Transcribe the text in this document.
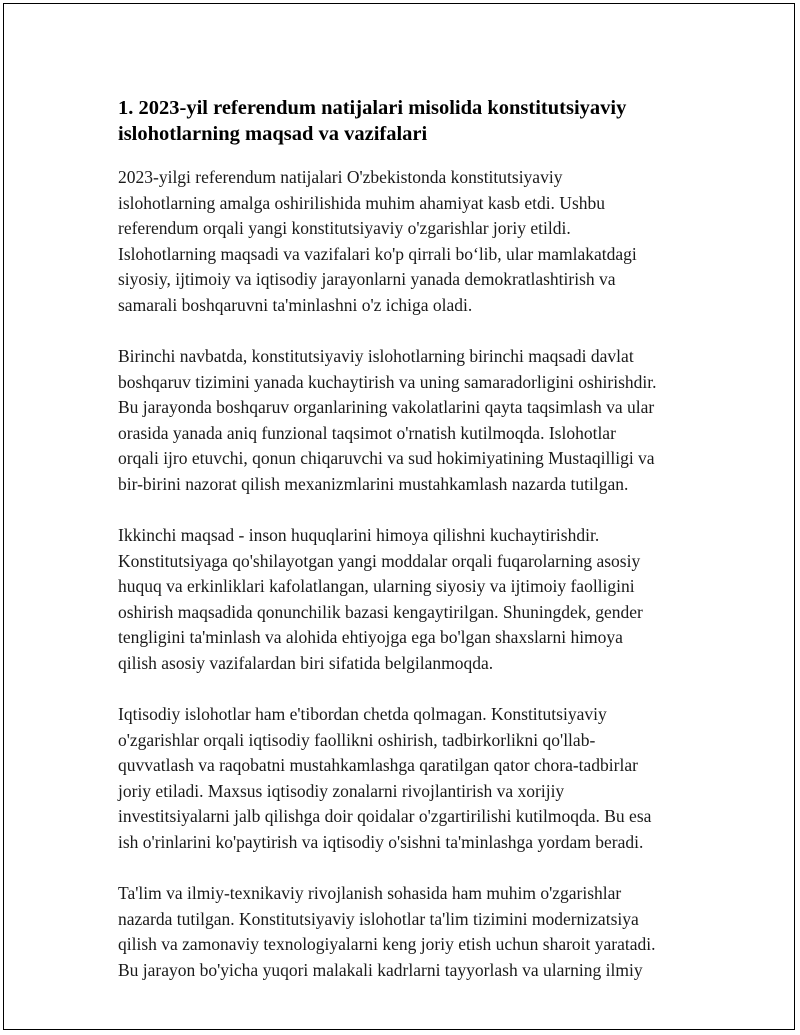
1. 2023-yil referendum natijalari misolida konstitutsiyaviy
islohotlarning maqsad va vazifalari

2023-yilgi referendum natijalari O'zbekistonda konstitutsiyaviy
islohotlarning amalga oshirilishida muhim ahamiyat kasb etdi. Ushbu
referendum orqali yangi konstitutsiyaviy o'zgarishlar joriy etildi.
Islohotlarning maqsadi va vazifalari ko'p qirrali bo‘lib, ular mamlakatdagi
siyosiy, ijtimoiy va iqtisodiy jarayonlarni yanada demokratlashtirish va
samarali boshqaruvni ta'minlashni o'z ichiga oladi.

Birinchi navbatda, konstitutsiyaviy islohotlarning birinchi maqsadi davlat
boshqaruv tizimini yanada kuchaytirish va uning samaradorligini oshirishdir.
Bu jarayonda boshqaruv organlarining vakolatlarini qayta taqsimlash va ular
orasida yanada aniq funzional taqsimot o'rnatish kutilmoqda. Islohotlar
orqali ijro etuvchi, qonun chiqaruvchi va sud hokimiyatining Mustaqilligi va
bir-birini nazorat qilish mexanizmlarini mustahkamlash nazarda tutilgan.

Ikkinchi maqsad - inson huquqlarini himoya qilishni kuchaytirishdir.
Konstitutsiyaga qo'shilayotgan yangi moddalar orqali fuqarolarning asosiy
huquq va erkinliklari kafolatlangan, ularning siyosiy va ijtimoiy faolligini
oshirish maqsadida qonunchilik bazasi kengaytirilgan. Shuningdek, gender
tengligini ta'minlash va alohida ehtiyojga ega bo'lgan shaxslarni himoya
qilish asosiy vazifalardan biri sifatida belgilanmoqda.

Iqtisodiy islohotlar ham e'tibordan chetda qolmagan. Konstitutsiyaviy
o'zgarishlar orqali iqtisodiy faollikni oshirish, tadbirkorlikni qo'llab-
quvvatlash va raqobatni mustahkamlashga qaratilgan qator chora-tadbirlar
joriy etiladi. Maxsus iqtisodiy zonalarni rivojlantirish va xorijiy
investitsiyalarni jalb qilishga doir qoidalar o'zgartirilishi kutilmoqda. Bu esa
ish o'rinlarini ko'paytirish va iqtisodiy o'sishni ta'minlashga yordam beradi.

Ta'lim va ilmiy-texnikaviy rivojlanish sohasida ham muhim o'zgarishlar
nazarda tutilgan. Konstitutsiyaviy islohotlar ta'lim tizimini modernizatsiya
qilish va zamonaviy texnologiyalarni keng joriy etish uchun sharoit yaratadi.
Bu jarayon bo'yicha yuqori malakali kadrlarni tayyorlash va ularning ilmiy
